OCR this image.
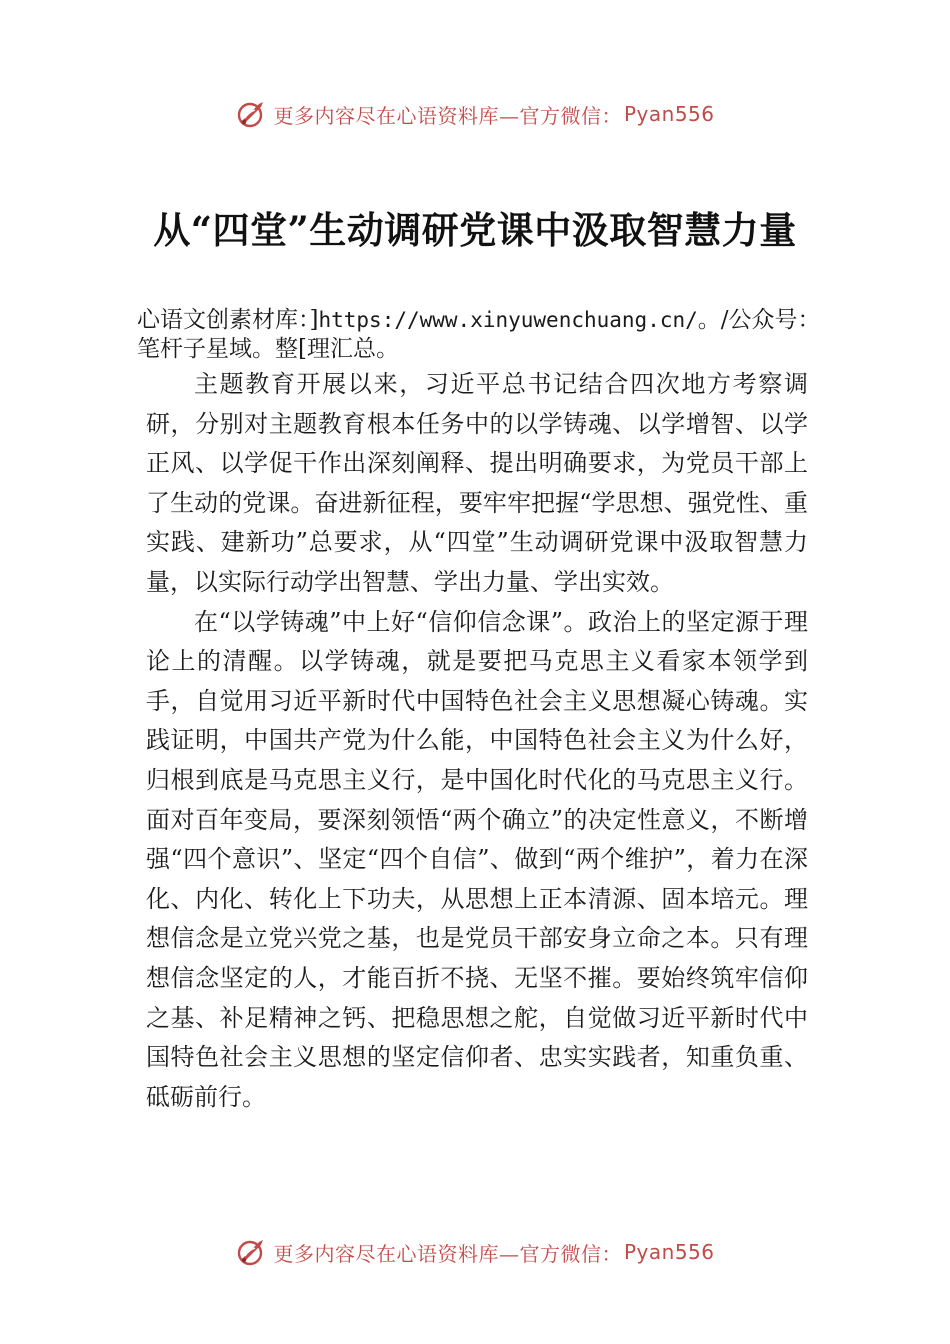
更多内容尽在心语资料库—官方微信： Pyan556
从“四堂”生动调研党课中汲取智慧力量
心语文创素材库：]https://www.xinyuwenchuang.cn/。/公众号：笔杆子星域。整[理汇总。

主题教育开展以来，习近平总书记结合四次地方考察调研，分别对主题教育根本任务中的以学铸魂、以学增智、以学正风、以学促干作出深刻阐释、提出明确要求，为党员干部上了生动的党课。奋进新征程，要牢牢把握“学思想、强党性、重实践、建新功”总要求，从“四堂”生动调研党课中汲取智慧力量，以实际行动学出智慧、学出力量、学出实效。

在“以学铸魂”中上好“信仰信念课”。政治上的坚定源于理论上的清醒。以学铸魂，就是要把马克思主义看家本领学到手，自觉用习近平新时代中国特色社会主义思想凝心铸魂。实践证明，中国共产党为什么能，中国特色社会主义为什么好，归根到底是马克思主义行，是中国化时代化的马克思主义行。面对百年变局，要深刻领悟“两个确立”的决定性意义，不断增强“四个意识”、坚定“四个自信”、做到“两个维护”，着力在深化、内化、转化上下功夫，从思想上正本清源、固本培元。理想信念是立党兴党之基，也是党员干部安身立命之本。只有理想信念坚定的人，才能百折不挠、无坚不摧。要始终筑牢信仰之基、补足精神之钙、把稳思想之舵，自觉做习近平新时代中国特色社会主义思想的坚定信仰者、忠实实践者，知重负重、砥砺前行。

更多内容尽在心语资料库—官方微信： Pyan556
